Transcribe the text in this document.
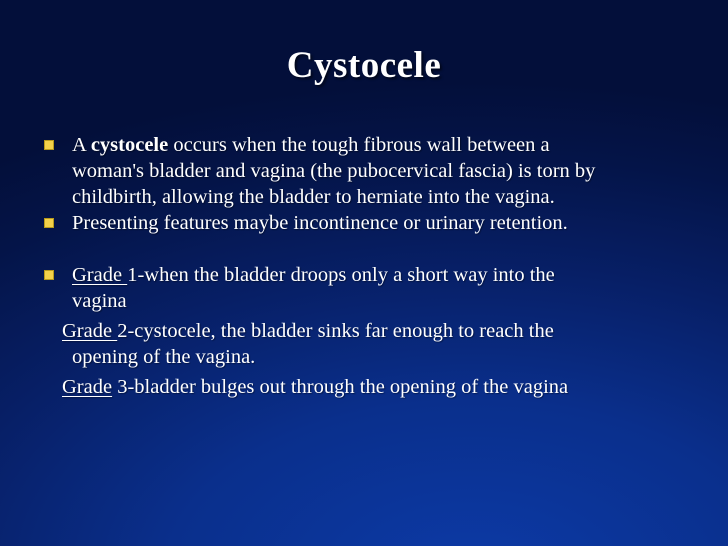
Cystocele
A cystocele occurs when the tough fibrous wall between a
woman's bladder and vagina (the pubocervical fascia) is torn by
childbirth, allowing the bladder to herniate into the vagina.
Presenting features maybe incontinence or urinary retention.
Grade 1-when the bladder droops only a short way into the
vagina
Grade 2-cystocele, the bladder sinks far enough to reach the
opening of the vagina.
Grade 3-bladder bulges out through the opening of the vagina
